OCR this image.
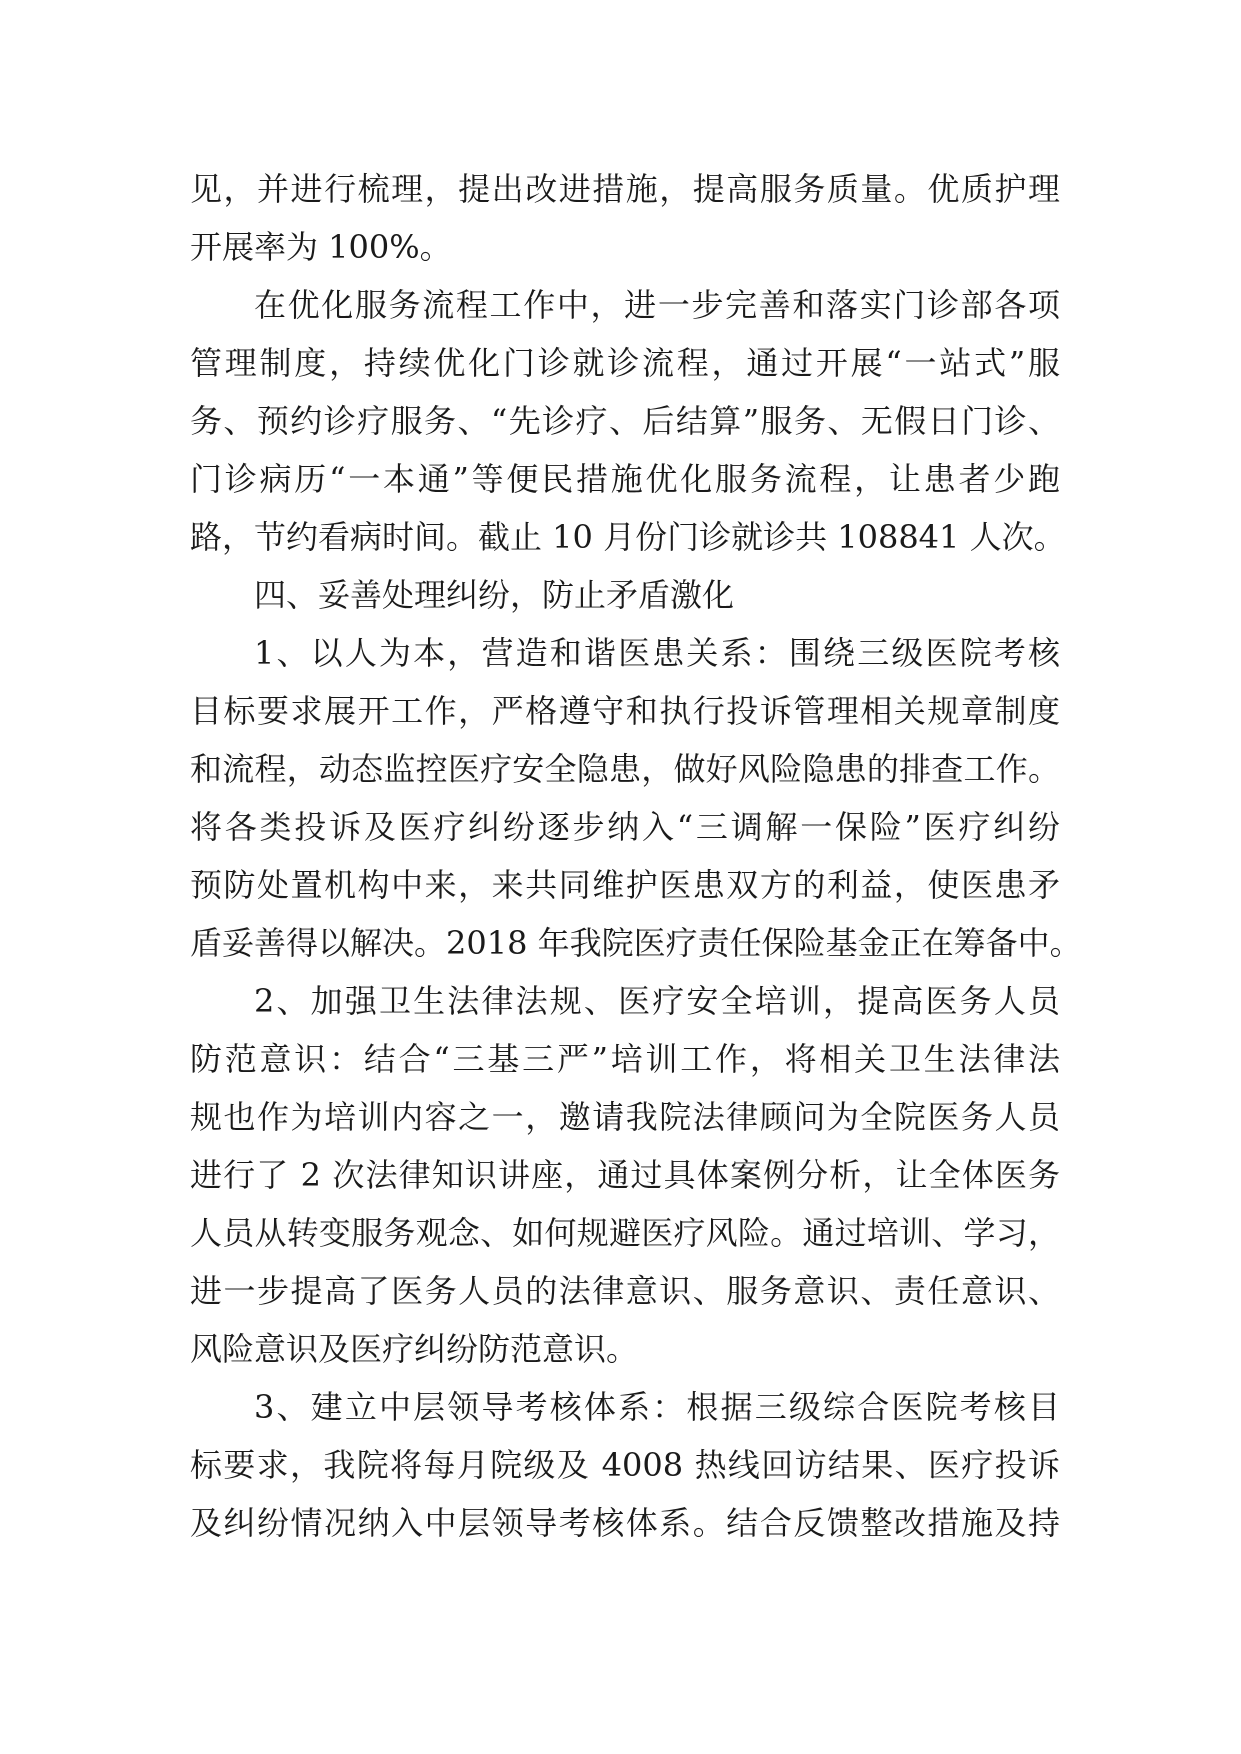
见，并进行梳理，提出改进措施，提高服务质量。优质护理
开展率为 100%。
在优化服务流程工作中，进一步完善和落实门诊部各项
管理制度，持续优化门诊就诊流程，通过开展“一站式”服
务、预约诊疗服务、“先诊疗、后结算”服务、无假日门诊、
门诊病历“一本通”等便民措施优化服务流程，让患者少跑
路，节约看病时间。截止 10 月份门诊就诊共 108841 人次。
四、妥善处理纠纷，防止矛盾激化
1、以人为本，营造和谐医患关系：围绕三级医院考核
目标要求展开工作，严格遵守和执行投诉管理相关规章制度
和流程，动态监控医疗安全隐患，做好风险隐患的排查工作。
将各类投诉及医疗纠纷逐步纳入“三调解一保险”医疗纠纷
预防处置机构中来，来共同维护医患双方的利益，使医患矛
盾妥善得以解决。2018 年我院医疗责任保险基金正在筹备中。
2、加强卫生法律法规、医疗安全培训，提高医务人员
防范意识：结合“三基三严”培训工作，将相关卫生法律法
规也作为培训内容之一，邀请我院法律顾问为全院医务人员
进行了 2 次法律知识讲座，通过具体案例分析，让全体医务
人员从转变服务观念、如何规避医疗风险。通过培训、学习，
进一步提高了医务人员的法律意识、服务意识、责任意识、
风险意识及医疗纠纷防范意识。
3、建立中层领导考核体系：根据三级综合医院考核目
标要求，我院将每月院级及 4008 热线回访结果、医疗投诉
及纠纷情况纳入中层领导考核体系。结合反馈整改措施及持
